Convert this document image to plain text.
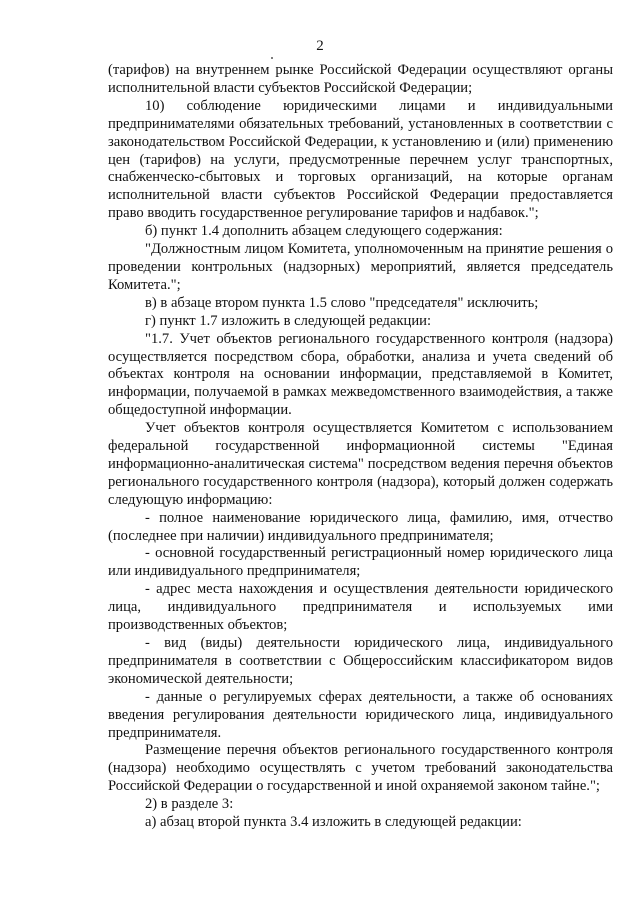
2

(тарифов) на внутреннем рынке Российской Федерации осуществляют органы исполнительной власти субъектов Российской Федерации;

10) соблюдение юридическими лицами и индивидуальными предпринимателями обязательных требований, установленных в соответствии с законодательством Российской Федерации, к установлению и (или) применению цен (тарифов) на услуги, предусмотренные перечнем услуг транспортных, снабженческо-сбытовых и торговых организаций, на которые органам исполнительной власти субъектов Российской Федерации предоставляется право вводить государственное регулирование тарифов и надбавок.";

б) пункт 1.4 дополнить абзацем следующего содержания:

"Должностным лицом Комитета, уполномоченным на принятие решения о проведении контрольных (надзорных) мероприятий, является председатель Комитета.";

в) в абзаце втором пункта 1.5 слово "председателя" исключить;

г) пункт 1.7 изложить в следующей редакции:

"1.7. Учет объектов регионального государственного контроля (надзора) осуществляется посредством сбора, обработки, анализа и учета сведений об объектах контроля на основании информации, представляемой в Комитет, информации, получаемой в рамках межведомственного взаимодействия, а также общедоступной информации.

Учет объектов контроля осуществляется Комитетом с использованием федеральной государственной информационной системы "Единая информационно-аналитическая система" посредством ведения перечня объектов регионального государственного контроля (надзора), который должен содержать следующую информацию:

- полное наименование юридического лица, фамилию, имя, отчество (последнее при наличии) индивидуального предпринимателя;

- основной государственный регистрационный номер юридического лица или индивидуального предпринимателя;

- адрес места нахождения и осуществления деятельности юридического лица, индивидуального предпринимателя и используемых ими производственных объектов;

- вид (виды) деятельности юридического лица, индивидуального предпринимателя в соответствии с Общероссийским классификатором видов экономической деятельности;

- данные о регулируемых сферах деятельности, а также об основаниях введения регулирования деятельности юридического лица, индивидуального предпринимателя.

Размещение перечня объектов регионального государственного контроля (надзора) необходимо осуществлять с учетом требований законодательства Российской Федерации о государственной и иной охраняемой законом тайне.";

2) в разделе 3:

а) абзац второй пункта 3.4 изложить в следующей редакции:
